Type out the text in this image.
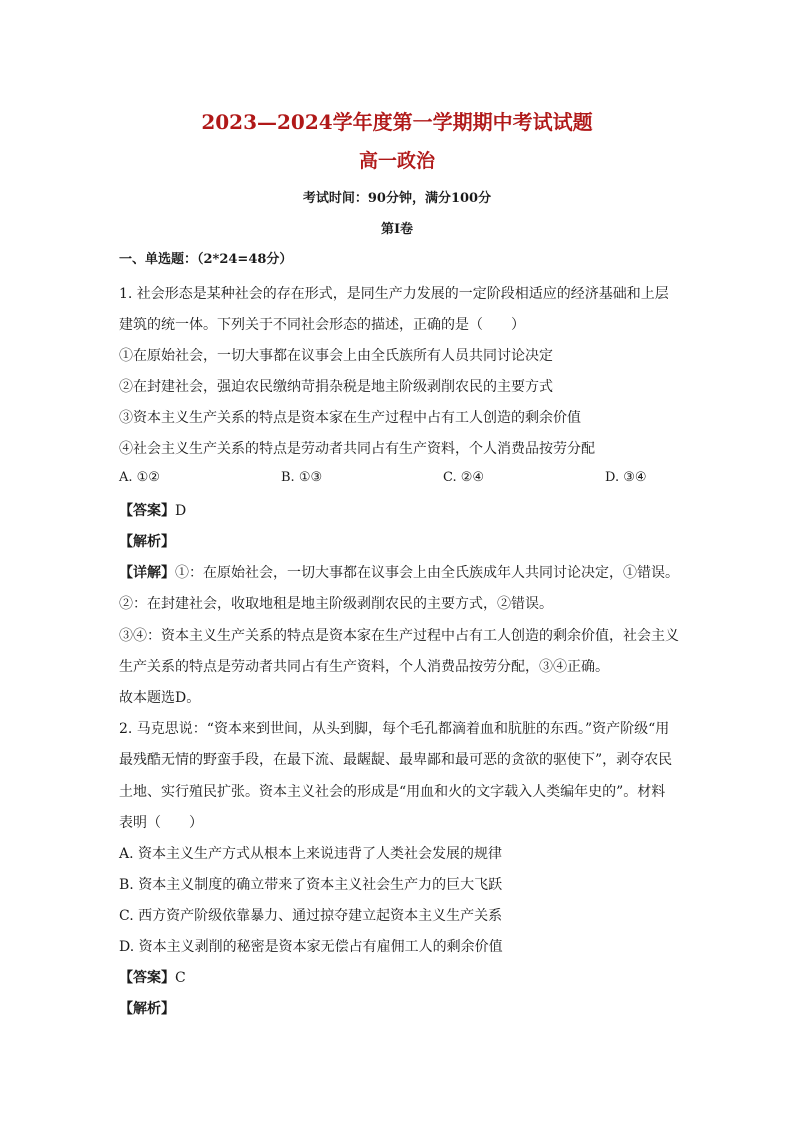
2023—2024学年度第一学期期中考试试题
高一政治
考试时间：90分钟，满分100分
第Ⅰ卷
一、单选题：（2*24=48分）
1. 社会形态是某种社会的存在形式，是同生产力发展的一定阶段相适应的经济基础和上层
建筑的统一体。下列关于不同社会形态的描述，正确的是（　　）
①在原始社会，一切大事都在议事会上由全氏族所有人员共同讨论决定
②在封建社会，强迫农民缴纳苛捐杂税是地主阶级剥削农民的主要方式
③资本主义生产关系的特点是资本家在生产过程中占有工人创造的剩余价值
④社会主义生产关系的特点是劳动者共同占有生产资料，个人消费品按劳分配
A. ①②	B. ①③	C. ②④	D. ③④
【答案】D
【解析】
【详解】①：在原始社会，一切大事都在议事会上由全氏族成年人共同讨论决定，①错误。
②：在封建社会，收取地租是地主阶级剥削农民的主要方式，②错误。
③④：资本主义生产关系的特点是资本家在生产过程中占有工人创造的剩余价值，社会主义
生产关系的特点是劳动者共同占有生产资料，个人消费品按劳分配，③④正确。
故本题选D。
2. 马克思说：“资本来到世间，从头到脚，每个毛孔都滴着血和肮脏的东西。”资产阶级“用
最残酷无情的野蛮手段，在最下流、最龌龊、最卑鄙和最可恶的贪欲的驱使下”，剥夺农民
土地、实行殖民扩张。资本主义社会的形成是“用血和火的文字载入人类编年史的”。材料
表明（　　）
A. 资本主义生产方式从根本上来说违背了人类社会发展的规律
B. 资本主义制度的确立带来了资本主义社会生产力的巨大飞跃
C. 西方资产阶级依靠暴力、通过掠夺建立起资本主义生产关系
D. 资本主义剥削的秘密是资本家无偿占有雇佣工人的剩余价值
【答案】C
【解析】
